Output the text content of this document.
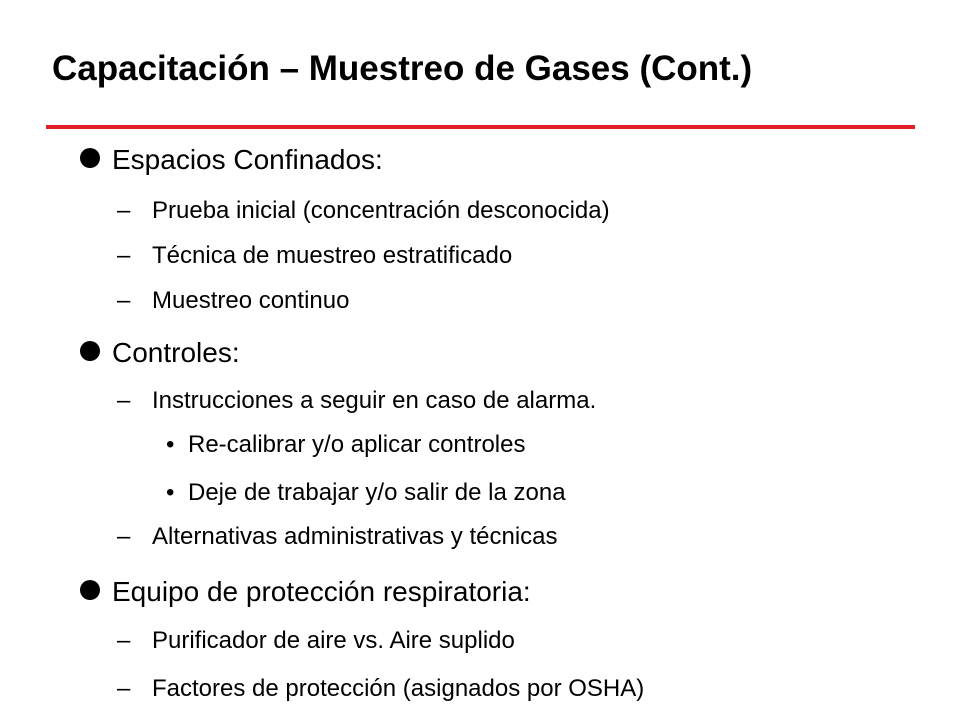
Capacitación – Muestreo de Gases (Cont.)
Espacios Confinados:
– Prueba inicial (concentración desconocida)
– Técnica de muestreo estratificado
– Muestreo continuo
Controles:
– Instrucciones a seguir en caso de alarma.
• Re-calibrar y/o aplicar controles
• Deje de trabajar y/o salir de la zona
– Alternativas administrativas y técnicas
Equipo de protección respiratoria:
– Purificador de aire vs. Aire suplido
– Factores de protección (asignados por OSHA)
